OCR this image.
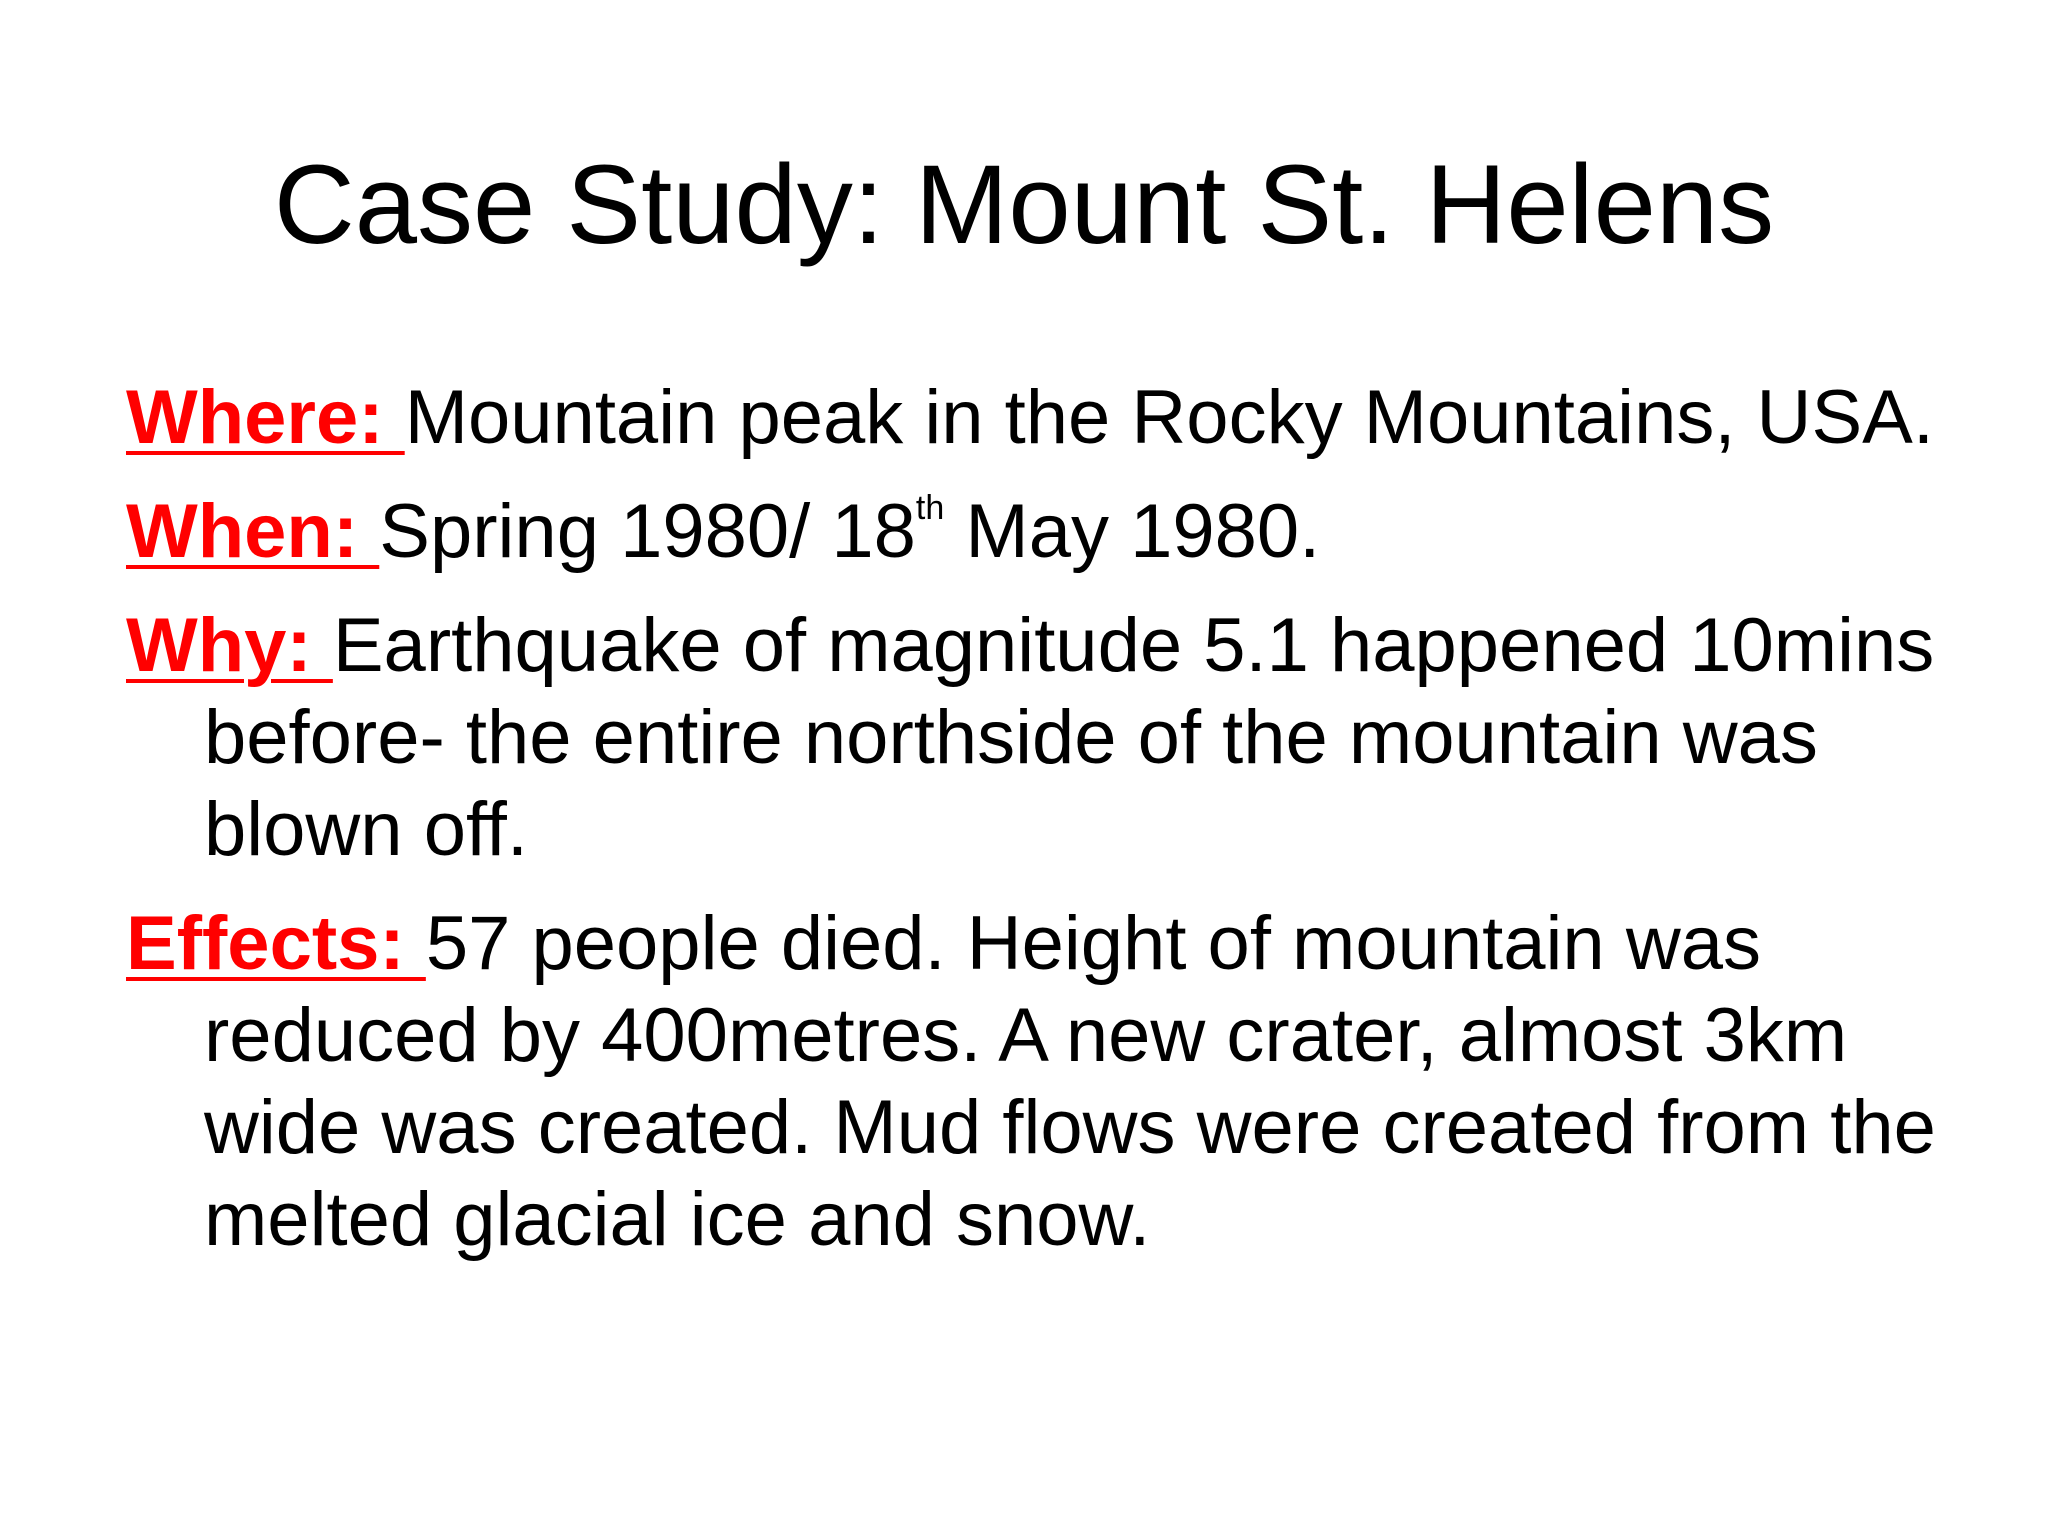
Case Study: Mount St. Helens

Where: Mountain peak in the Rocky Mountains, USA.

When: Spring 1980/ 18th May 1980.

Why: Earthquake of magnitude 5.1 happened 10mins before- the entire northside of the mountain was blown off.

Effects: 57 people died. Height of mountain was reduced by 400metres. A new crater, almost 3km wide was created. Mud flows were created from the melted glacial ice and snow.
